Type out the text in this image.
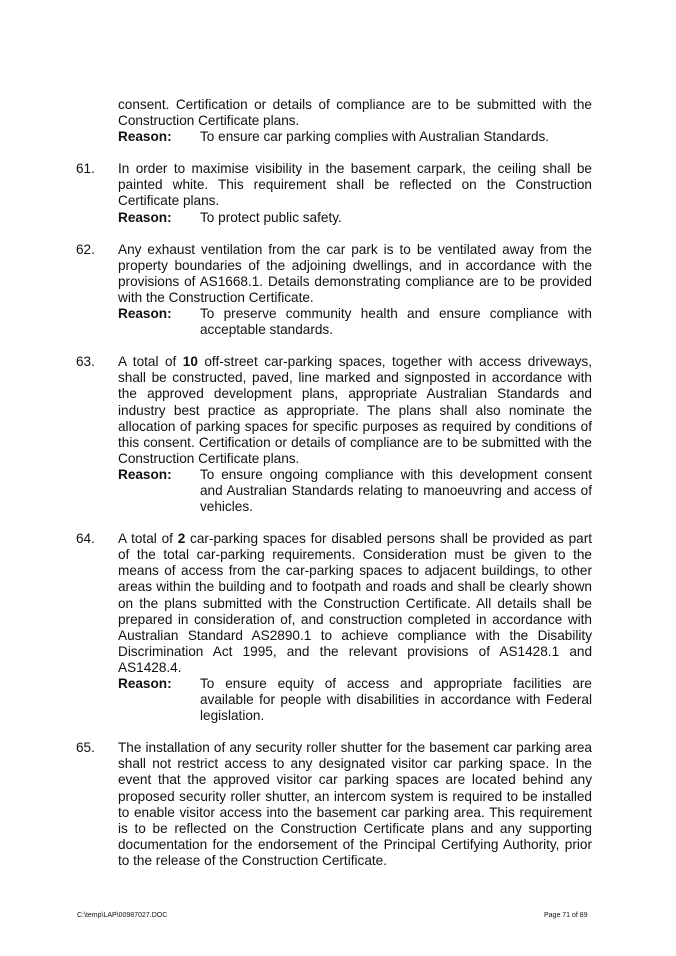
consent. Certification or details of compliance are to be submitted with the Construction Certificate plans.
Reason:	To ensure car parking complies with Australian Standards.
61. In order to maximise visibility in the basement carpark, the ceiling shall be painted white. This requirement shall be reflected on the Construction Certificate plans.
Reason:	To protect public safety.
62. Any exhaust ventilation from the car park is to be ventilated away from the property boundaries of the adjoining dwellings, and in accordance with the provisions of AS1668.1. Details demonstrating compliance are to be provided with the Construction Certificate.
Reason:	To preserve community health and ensure compliance with acceptable standards.
63. A total of 10 off-street car-parking spaces, together with access driveways, shall be constructed, paved, line marked and signposted in accordance with the approved development plans, appropriate Australian Standards and industry best practice as appropriate. The plans shall also nominate the allocation of parking spaces for specific purposes as required by conditions of this consent. Certification or details of compliance are to be submitted with the Construction Certificate plans.
Reason:	To ensure ongoing compliance with this development consent and Australian Standards relating to manoeuvring and access of vehicles.
64. A total of 2 car-parking spaces for disabled persons shall be provided as part of the total car-parking requirements. Consideration must be given to the means of access from the car-parking spaces to adjacent buildings, to other areas within the building and to footpath and roads and shall be clearly shown on the plans submitted with the Construction Certificate. All details shall be prepared in consideration of, and construction completed in accordance with Australian Standard AS2890.1 to achieve compliance with the Disability Discrimination Act 1995, and the relevant provisions of AS1428.1 and AS1428.4.
Reason:	To ensure equity of access and appropriate facilities are available for people with disabilities in accordance with Federal legislation.
65. The installation of any security roller shutter for the basement car parking area shall not restrict access to any designated visitor car parking space. In the event that the approved visitor car parking spaces are located behind any proposed security roller shutter, an intercom system is required to be installed to enable visitor access into the basement car parking area. This requirement is to be reflected on the Construction Certificate plans and any supporting documentation for the endorsement of the Principal Certifying Authority, prior to the release of the Construction Certificate.
C:\temp\LAP\00987027.DOC	Page 71 of 89
